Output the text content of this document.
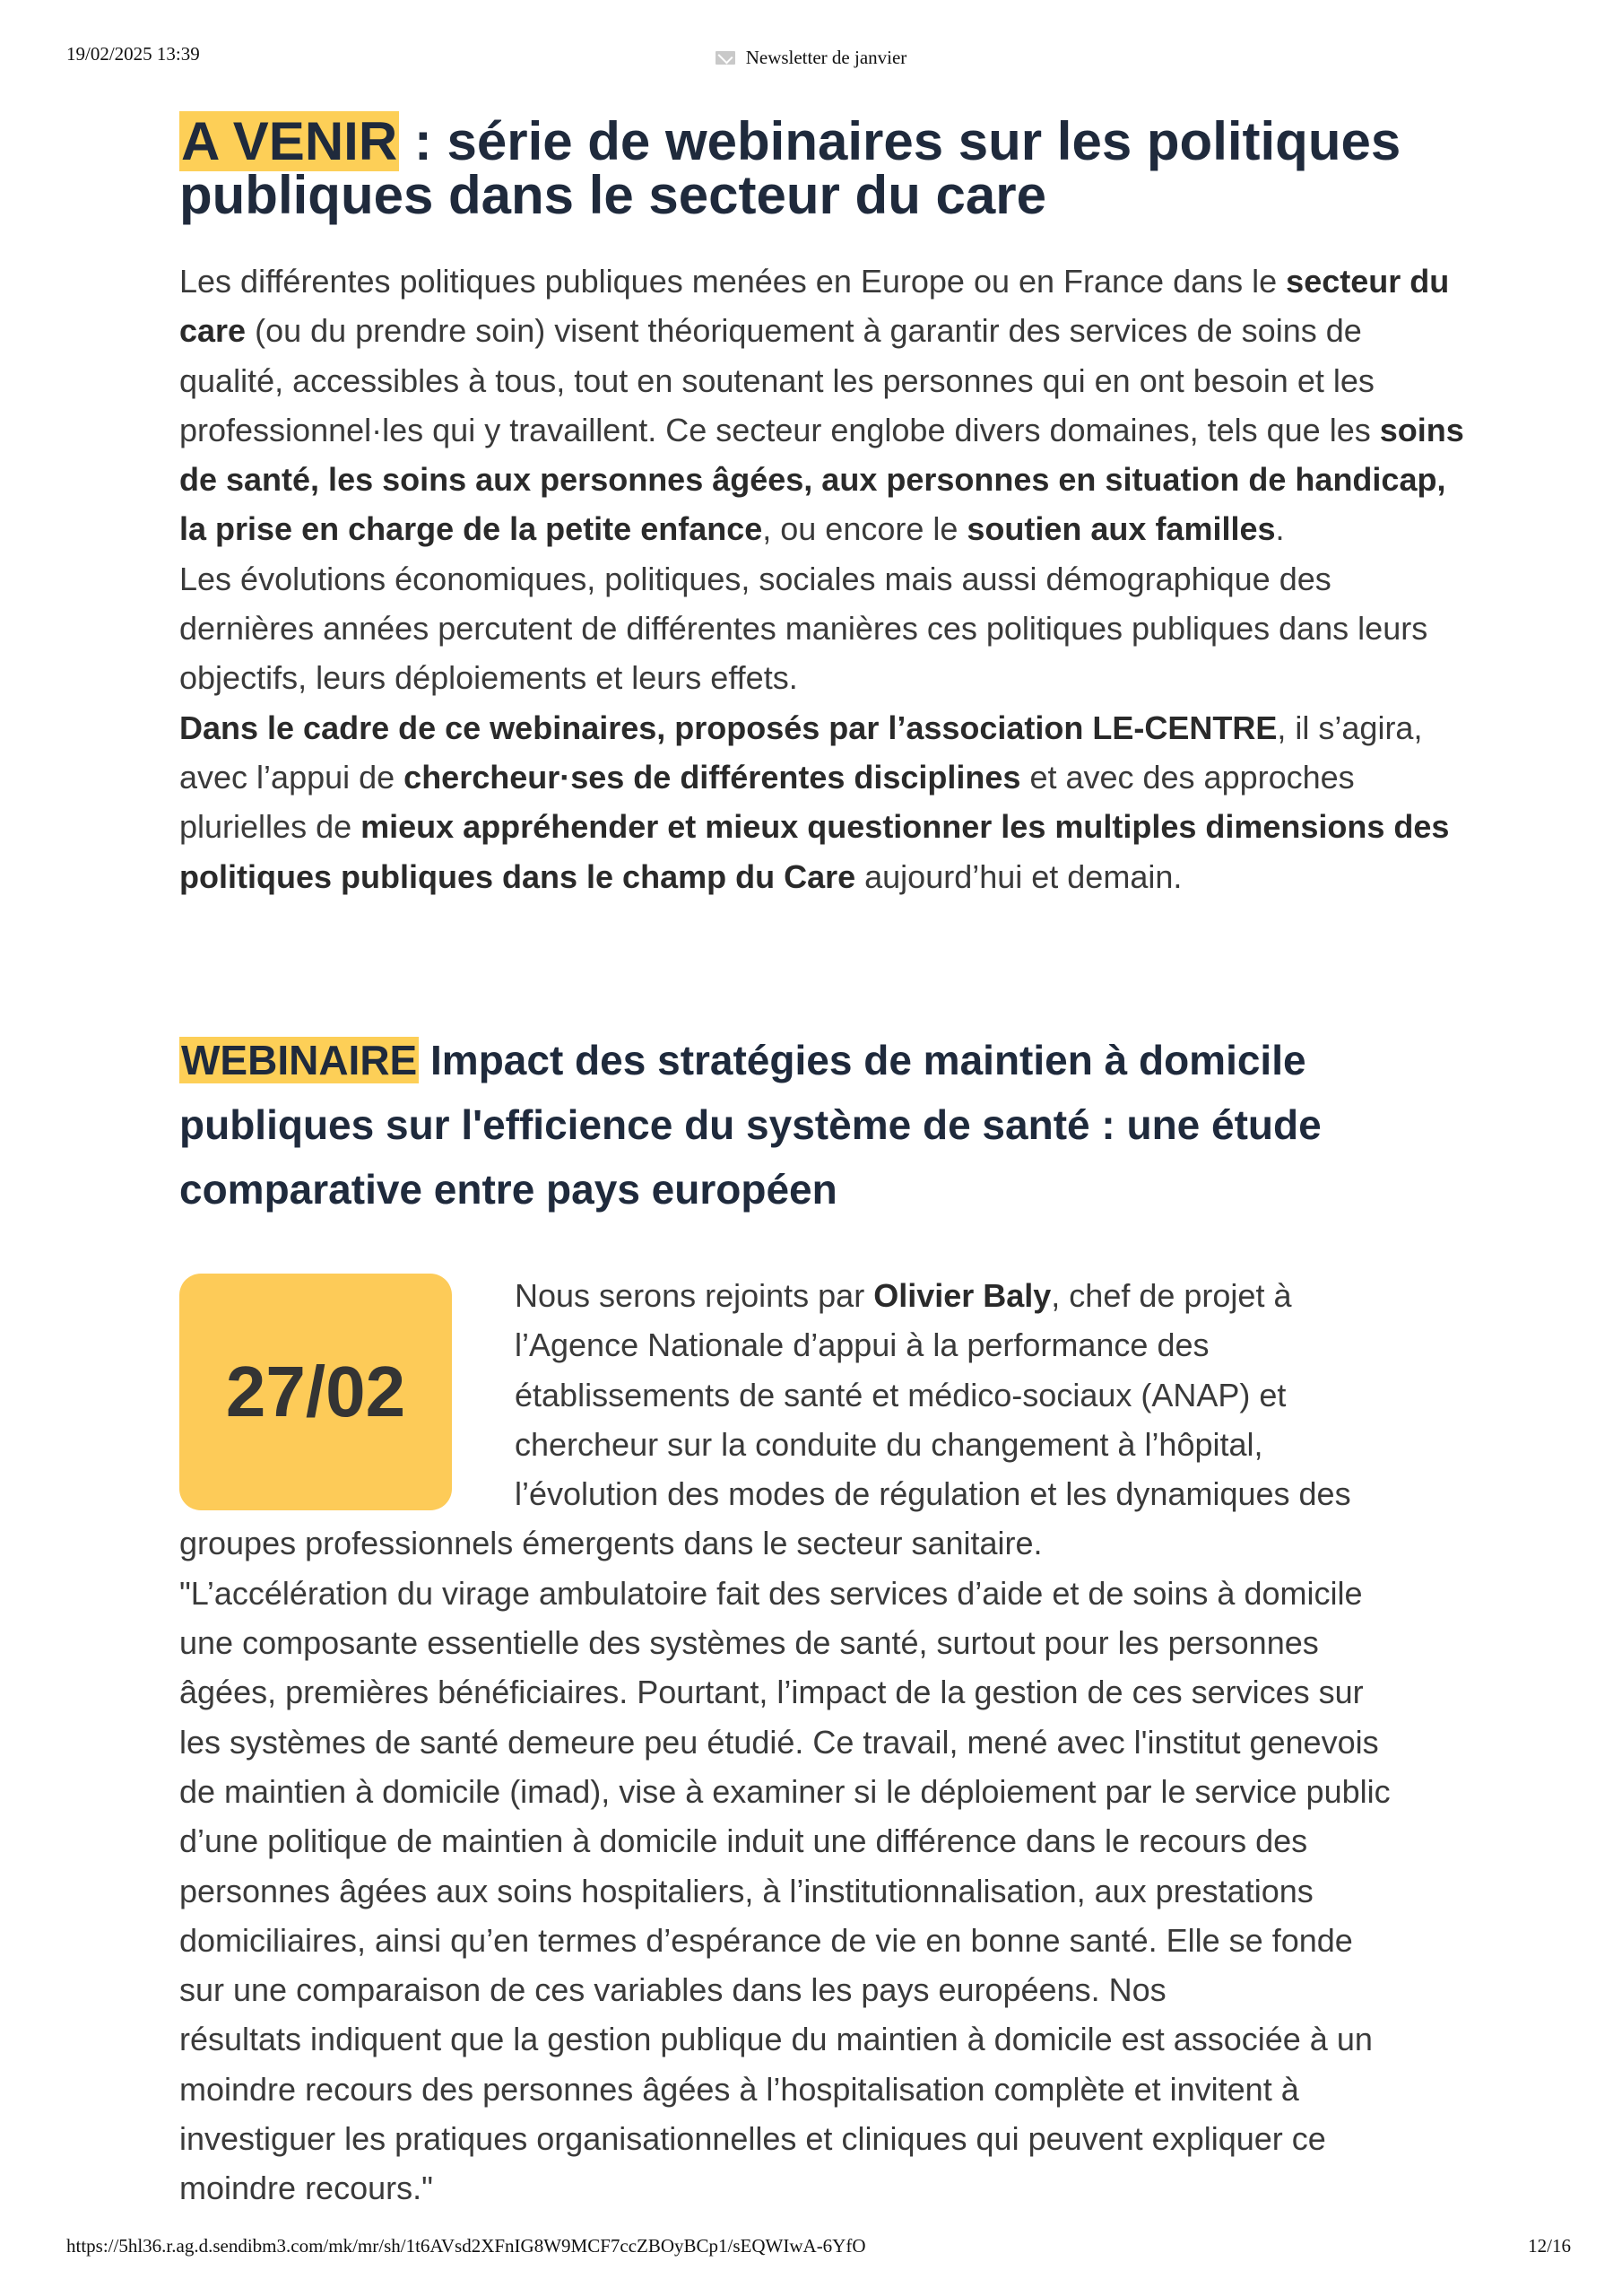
19/02/2025 13:39	Newsletter de janvier
A VENIR : série de webinaires sur les politiques publiques dans le secteur du care

Les différentes politiques publiques menées en Europe ou en France dans le secteur du care (ou du prendre soin) visent théoriquement à garantir des services de soins de qualité, accessibles à tous, tout en soutenant les personnes qui en ont besoin et les professionnel·les qui y travaillent. Ce secteur englobe divers domaines, tels que les soins de santé, les soins aux personnes âgées, aux personnes en situation de handicap, la prise en charge de la petite enfance, ou encore le soutien aux familles.
Les évolutions économiques, politiques, sociales mais aussi démographique des dernières années percutent de différentes manières ces politiques publiques dans leurs objectifs, leurs déploiements et leurs effets.
Dans le cadre de ce webinaires, proposés par l’association LE-CENTRE, il s’agira, avec l’appui de chercheur·ses de différentes disciplines et avec des approches plurielles de mieux appréhender et mieux questionner les multiples dimensions des politiques publiques dans le champ du Care aujourd’hui et demain.

WEBINAIRE Impact des stratégies de maintien à domicile publiques sur l'efficience du système de santé : une étude comparative entre pays européen
27/02

Nous serons rejoints par Olivier Baly, chef de projet à
l’Agence Nationale d’appui à la performance des
établissements de santé et médico-sociaux (ANAP) et
chercheur sur la conduite du changement à l’hôpital,
l’évolution des modes de régulation et les dynamiques des
groupes professionnels émergents dans le secteur sanitaire.
"L’accélération du virage ambulatoire fait des services d’aide et de soins à domicile
une composante essentielle des systèmes de santé, surtout pour les personnes
âgées, premières bénéficiaires. Pourtant, l’impact de la gestion de ces services sur
les systèmes de santé demeure peu étudié. Ce travail, mené avec l'institut genevois
de maintien à domicile (imad), vise à examiner si le déploiement par le service public
d’une politique de maintien à domicile induit une différence dans le recours des
personnes âgées aux soins hospitaliers, à l’institutionnalisation, aux prestations
domiciliaires, ainsi qu’en termes d’espérance de vie en bonne santé. Elle se fonde
sur une comparaison de ces variables dans les pays européens. Nos
résultats indiquent que la gestion publique du maintien à domicile est associée à un
moindre recours des personnes âgées à l’hospitalisation complète et invitent à
investiguer les pratiques organisationnelles et cliniques qui peuvent expliquer ce
moindre recours."

https://5hl36.r.ag.d.sendibm3.com/mk/mr/sh/1t6AVsd2XFnIG8W9MCF7ccZBOyBCp1/sEQWIwA-6YfO	12/16
